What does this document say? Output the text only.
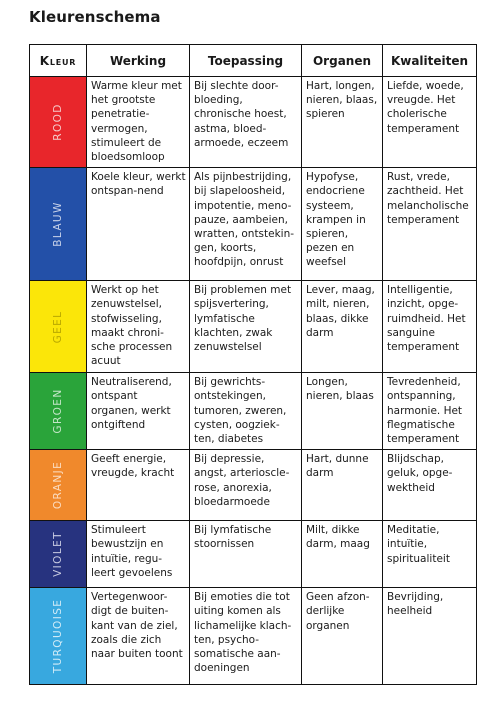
Kleurenschema
Kleur	Werking	Toepassing	Organen	Kwaliteiten

ROOD	Warme kleur met het grootste penetratie-vermogen, stimuleert de bloedsomloop	Bij slechte door-bloeding, chronische hoest, astma, bloed-armoede, eczeem	Hart, longen, nieren, blaas, spieren	Liefde, woede, vreugde. Het cholerische temperament

BLAUW	Koele kleur, werkt ontspan-nend	Als pijnbestrijding, bij slapeloosheid, impotentie, meno-pauze, aambeien, wratten, ontstekin-gen, koorts, hoofdpijn, onrust	Hypofyse, endocriene systeem, krampen in spieren, pezen en weefsel	Rust, vrede, zachtheid. Het melancholische temperament

GEEL	Werkt op het zenuwstelsel, stofwisseling, maakt chroni-sche processen acuut	Bij problemen met spijsvertering, lymfatische klachten, zwak zenuwstelsel	Lever, maag, milt, nieren, blaas, dikke darm	Intelligentie, inzicht, opge-ruimdheid. Het sanguine temperament

GROEN	Neutraliserend, ontspant organen, werkt ontgiftend	Bij gewrichts-ontstekingen, tumoren, zweren, cysten, oogziek-ten, diabetes	Longen, nieren, blaas	Tevredenheid, ontspanning, harmonie. Het flegmatische temperament

ORANJE	Geeft energie, vreugde, kracht	Bij depressie, angst, arterioscle-rose, anorexia, bloedarmoede	Hart, dunne darm	Blijdschap, geluk, opge-wektheid

VIOLET	Stimuleert bewustzijn en intuïtie, regu-leert gevoelens	Bij lymfatische stoornissen	Milt, dikke darm, maag	Meditatie, intuïtie, spiritualiteit

TURQUOISE	Vertegenwoor-digt de buiten-kant van de ziel, zoals die zich naar buiten toont	Bij emoties die tot uiting komen als lichamelijke klach-ten, psycho-somatische aan-doeningen	Geen afzon-derlijke organen	Bevrijding, heelheid
